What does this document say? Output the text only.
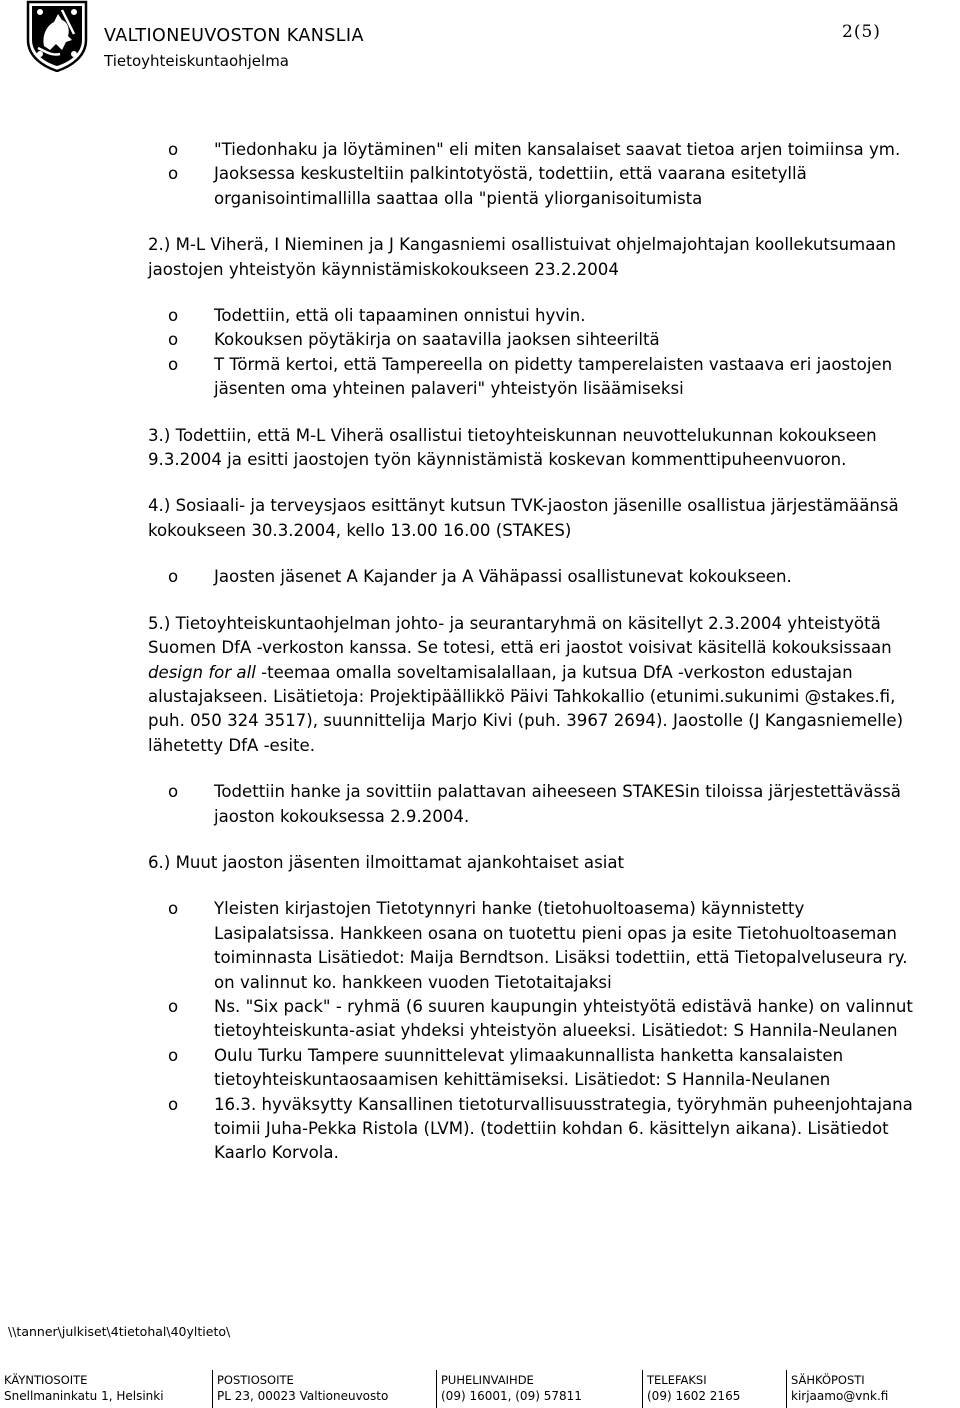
VALTIONEUVOSTON KANSLIA
Tietoyhteiskuntaohjelma
2(5)
o "Tiedonhaku ja löytäminen" eli miten kansalaiset saavat tietoa arjen toimiinsa ym.
o Jaoksessa keskusteltiin palkintotyöstä, todettiin, että vaarana esitetyllä organisointimallilla saattaa olla "pientä yliorganisoitumista
2.) M-L Viherä, I Nieminen ja J Kangasniemi osallistuivat ohjelmajohtajan koollekutsumaan jaostojen yhteistyön käynnistämiskokoukseen 23.2.2004
o Todettiin, että oli tapaaminen onnistui hyvin.
o Kokouksen pöytäkirja on saatavilla jaoksen sihteeriltä
o T Törmä kertoi, että Tampereella on pidetty tamperelaisten vastaava eri jaostojen jäsenten oma yhteinen palaveri" yhteistyön lisäämiseksi
3.) Todettiin, että M-L Viherä osallistui tietoyhteiskunnan neuvottelukunnan kokoukseen 9.3.2004 ja esitti jaostojen työn käynnistämistä koskevan kommenttipuheenvuoron.
4.) Sosiaali- ja terveysjaos esittänyt kutsun TVK-jaoston jäsenille osallistua järjestämäänsä kokoukseen 30.3.2004, kello 13.00 16.00 (STAKES)
o Jaosten jäsenet A Kajander ja A Vähäpassi osallistunevat kokoukseen.
5.) Tietoyhteiskuntaohjelman johto- ja seurantaryhmä on käsitellyt 2.3.2004 yhteistyötä Suomen DfA -verkoston kanssa. Se totesi, että eri jaostot voisivat käsitellä kokouksissaan design for all -teemaa omalla soveltamisalallaan, ja kutsua DfA -verkoston edustajan alustajakseen. Lisätietoja: Projektipäällikkö Päivi Tahkokallio (etunimi.sukunimi @stakes.fi, puh. 050 324 3517), suunnittelija Marjo Kivi (puh. 3967 2694). Jaostolle (J Kangasniemelle) lähetetty DfA -esite.
o Todettiin hanke ja sovittiin palattavan aiheeseen STAKESin tiloissa järjestettävässä jaoston kokouksessa 2.9.2004.
6.) Muut jaoston jäsenten ilmoittamat ajankohtaiset asiat
o Yleisten kirjastojen Tietotynnyri hanke (tietohuoltoasema) käynnistetty Lasipalatsissa. Hankkeen osana on tuotettu pieni opas ja esite Tietohuoltoaseman toiminnasta Lisätiedot: Maija Berndtson. Lisäksi todettiin, että Tietopalveluseura ry. on valinnut ko. hankkeen vuoden Tietotaitajaksi
o Ns. "Six pack" - ryhmä (6 suuren kaupungin yhteistyötä edistävä hanke) on valinnut tietoyhteiskunta-asiat yhdeksi yhteistyön alueeksi. Lisätiedot: S Hannila-Neulanen
o Oulu Turku Tampere suunnittelevat ylimaakunnallista hanketta kansalaisten tietoyhteiskuntaosaamisen kehittämiseksi. Lisätiedot: S Hannila-Neulanen
o 16.3. hyväksytty Kansallinen tietoturvallisuusstrategia, työryhmän puheenjohtajana toimii Juha-Pekka Ristola (LVM). (todettiin kohdan 6. käsittelyn aikana). Lisätiedot Kaarlo Korvola.
\\tanner\julkiset\4tietohal\40yltieto\
KÄYNTIOSOITE
Snellmaninkatu 1, Helsinki
POSTIOSOITE
PL 23, 00023 Valtioneuvosto
PUHELINVAIHDE
(09) 16001, (09) 57811
TELEFAKSI
(09) 1602 2165
SÄHKÖPOSTI
kirjaamo@vnk.fi
